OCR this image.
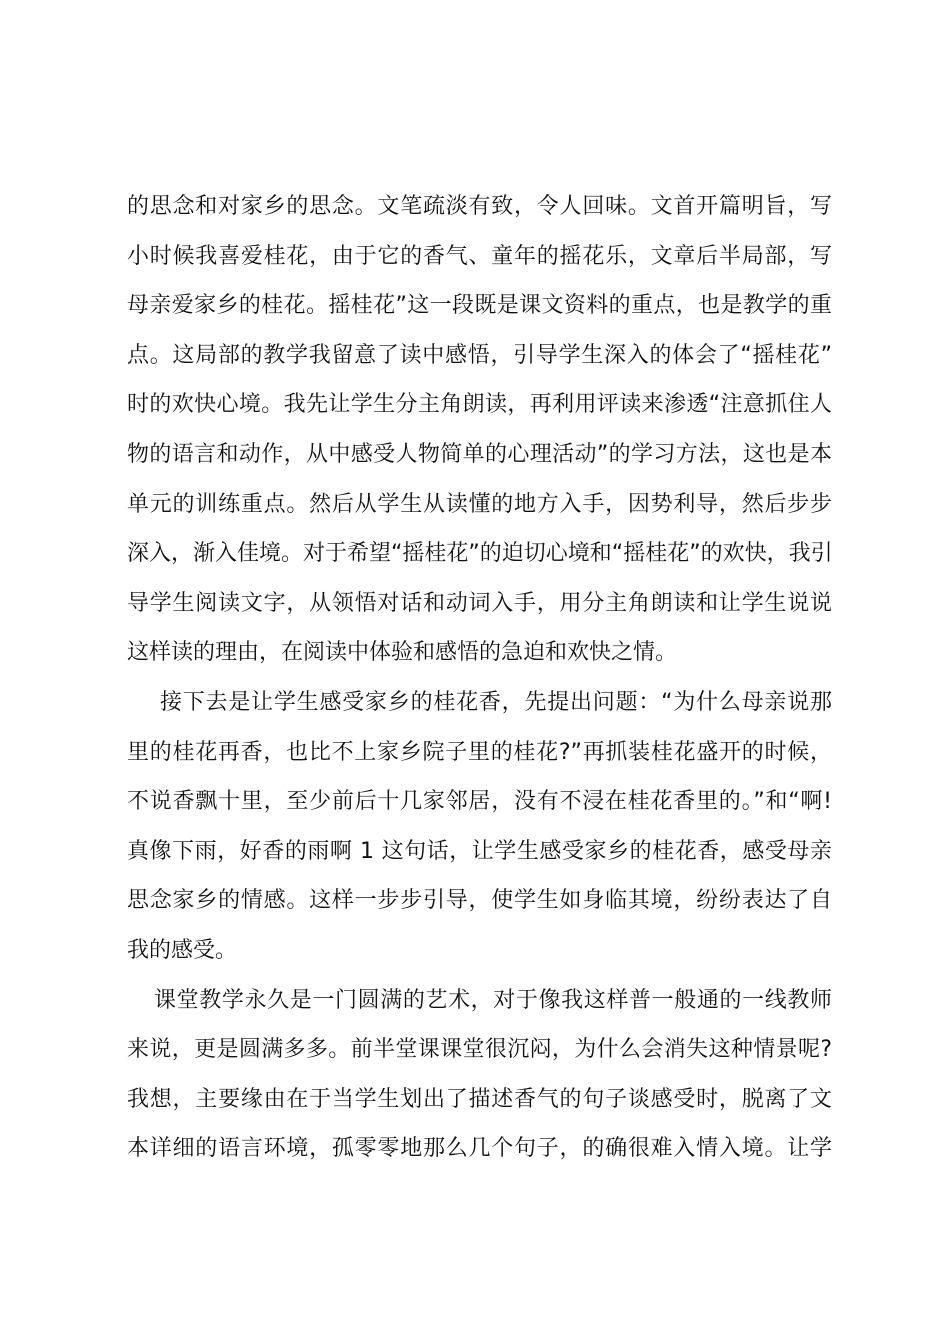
的思念和对家乡的思念。文笔疏淡有致，令人回味。文首开篇明旨，写
小时候我喜爱桂花，由于它的香气、童年的摇花乐，文章后半局部，写
母亲爱家乡的桂花。摇桂花”这一段既是课文资料的重点，也是教学的重
点。这局部的教学我留意了读中感悟，引导学生深入的体会了“摇桂花”
时的欢快心境。我先让学生分主角朗读，再利用评读来渗透“注意抓住人
物的语言和动作，从中感受人物简单的心理活动”的学习方法，这也是本
单元的训练重点。然后从学生从读懂的地方入手，因势利导，然后步步
深入，渐入佳境。对于希望“摇桂花”的迫切心境和“摇桂花”的欢快，我引
导学生阅读文字，从领悟对话和动词入手，用分主角朗读和让学生说说
这样读的理由，在阅读中体验和感悟的急迫和欢快之情。
接下去是让学生感受家乡的桂花香，先提出问题：“为什么母亲说那
里的桂花再香，也比不上家乡院子里的桂花?”再抓装桂花盛开的时候，
不说香飘十里，至少前后十几家邻居，没有不浸在桂花香里的。”和“啊!
真像下雨，好香的雨啊 1 这句话，让学生感受家乡的桂花香，感受母亲
思念家乡的情感。这样一步步引导，使学生如身临其境，纷纷表达了自
我的感受。
课堂教学永久是一门圆满的艺术，对于像我这样普一般通的一线教师
来说，更是圆满多多。前半堂课课堂很沉闷，为什么会消失这种情景呢?
我想，主要缘由在于当学生划出了描述香气的句子谈感受时，脱离了文
本详细的语言环境，孤零零地那么几个句子，的确很难入情入境。让学
